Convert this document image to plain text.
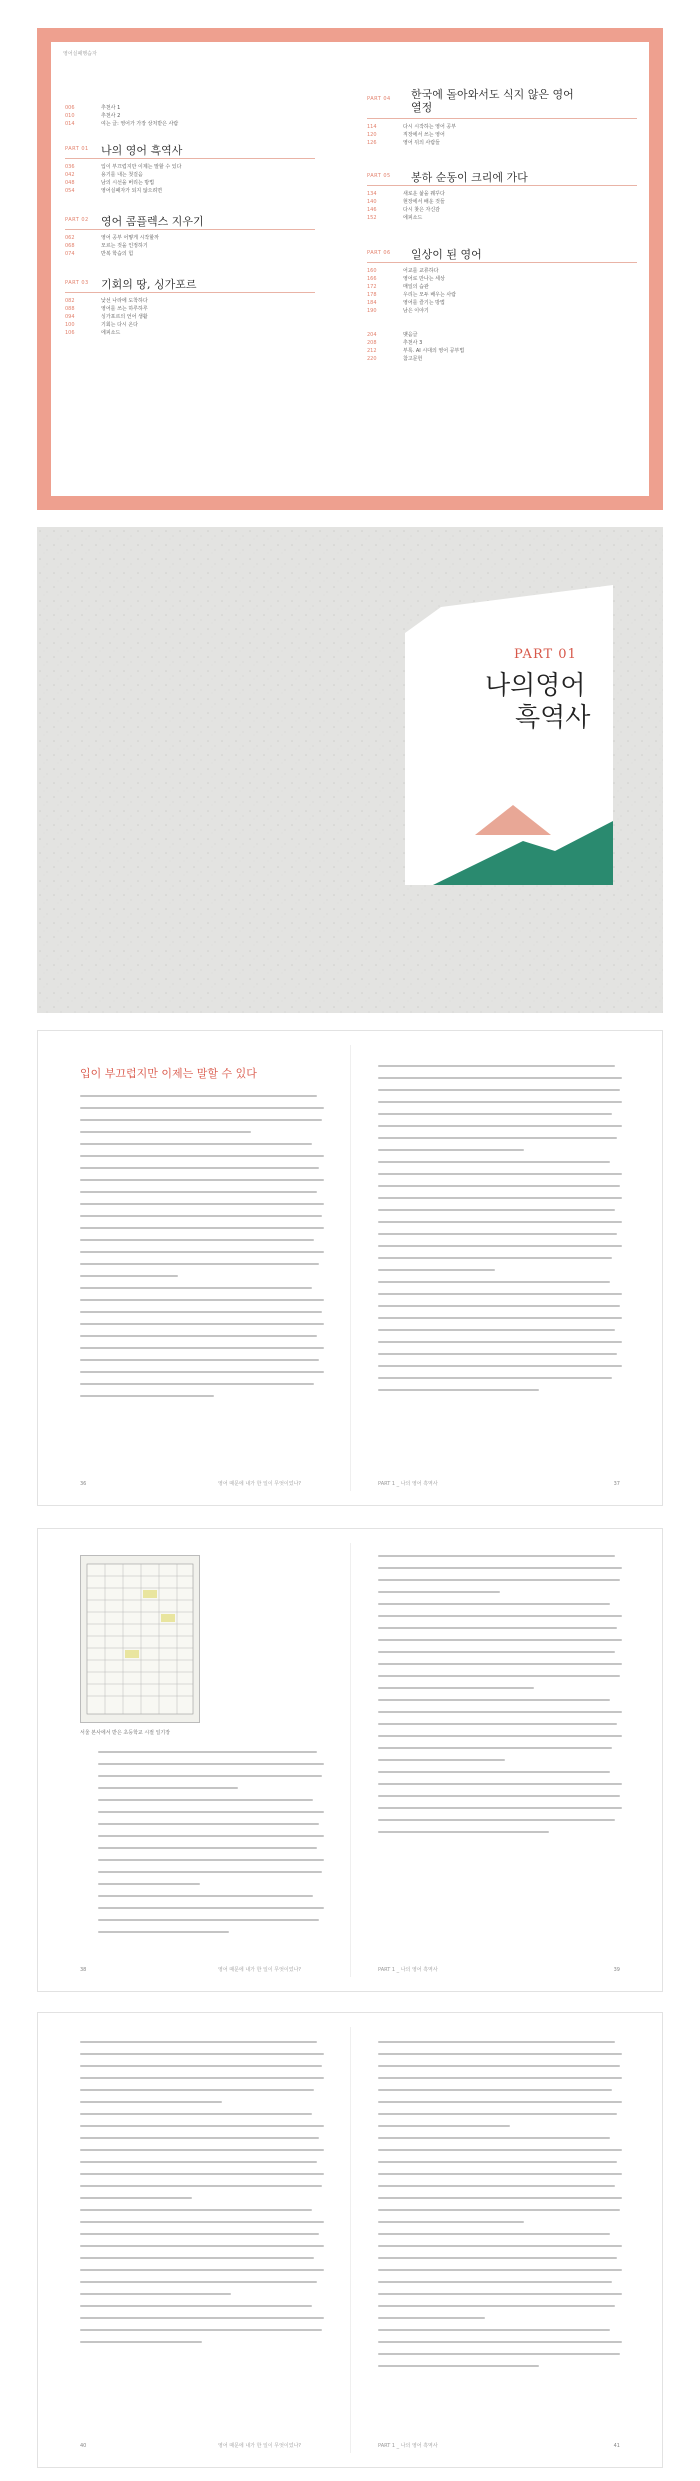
영어실패행습자
006	추천사 1
010	추천사 2
014	여는 글: 영어가 가장 상처받은 사람
PART 01 나의 영어 흑역사
036	입이 부끄럽지만 이제는 말할 수 있다
042	용기를 내는 첫걸음
048	남의 시선을 버리는 방법
054	영어실패자가 되지 않으려면
PART 02 영어 콤플렉스 지우기
062	영어 공부 어떻게 시작할까
068	모르는 것을 인정하기
074	반복 학습의 힘
PART 03 기회의 땅, 싱가포르
082	낯선 나라에 도착하다
088	영어를 쓰는 하루하루
094	싱가포르의 언어 생활
100	기회는 다시 온다
106	에피소드
PART 04 한국에 돌아와서도 식지 않은 영어 열정
114	다시 시작하는 영어 공부
120	직장에서 쓰는 영어
126	영어 뒤의 사람들
PART 05 봉하 순동이 크리에 가다
134	새로운 삶을 꿰꾸다
140	현장에서 배운 것들
146	다시 찾은 자신감
152	에피소드
PART 06 일상이 된 영어
160	어교를 교류하다
166	영어로 만나는 세상
172	매일의 습관
178	우리는 모두 배우는 사람
184	영어를 즐기는 방법
190	남은 이야기
204	맺음글
208	추천사 3
212	부록. AI 시대의 영어 공부법
220	참고문헌
PART 01
나의영어
흑역사
입이 부끄럽지만 이제는 말할 수 있다
36	영어 때문에 내가 한 일이 무엇이었나?	PART 1 _ 나의 영어 흑역사	37
서울 본사에서 받은 초등학교 시절 일기장
38	영어 때문에 내가 한 일이 무엇이었나?	PART 1 _ 나의 영어 흑역사	39
40	영어 때문에 내가 한 일이 무엇이었나?	PART 1 _ 나의 영어 흑역사	41
